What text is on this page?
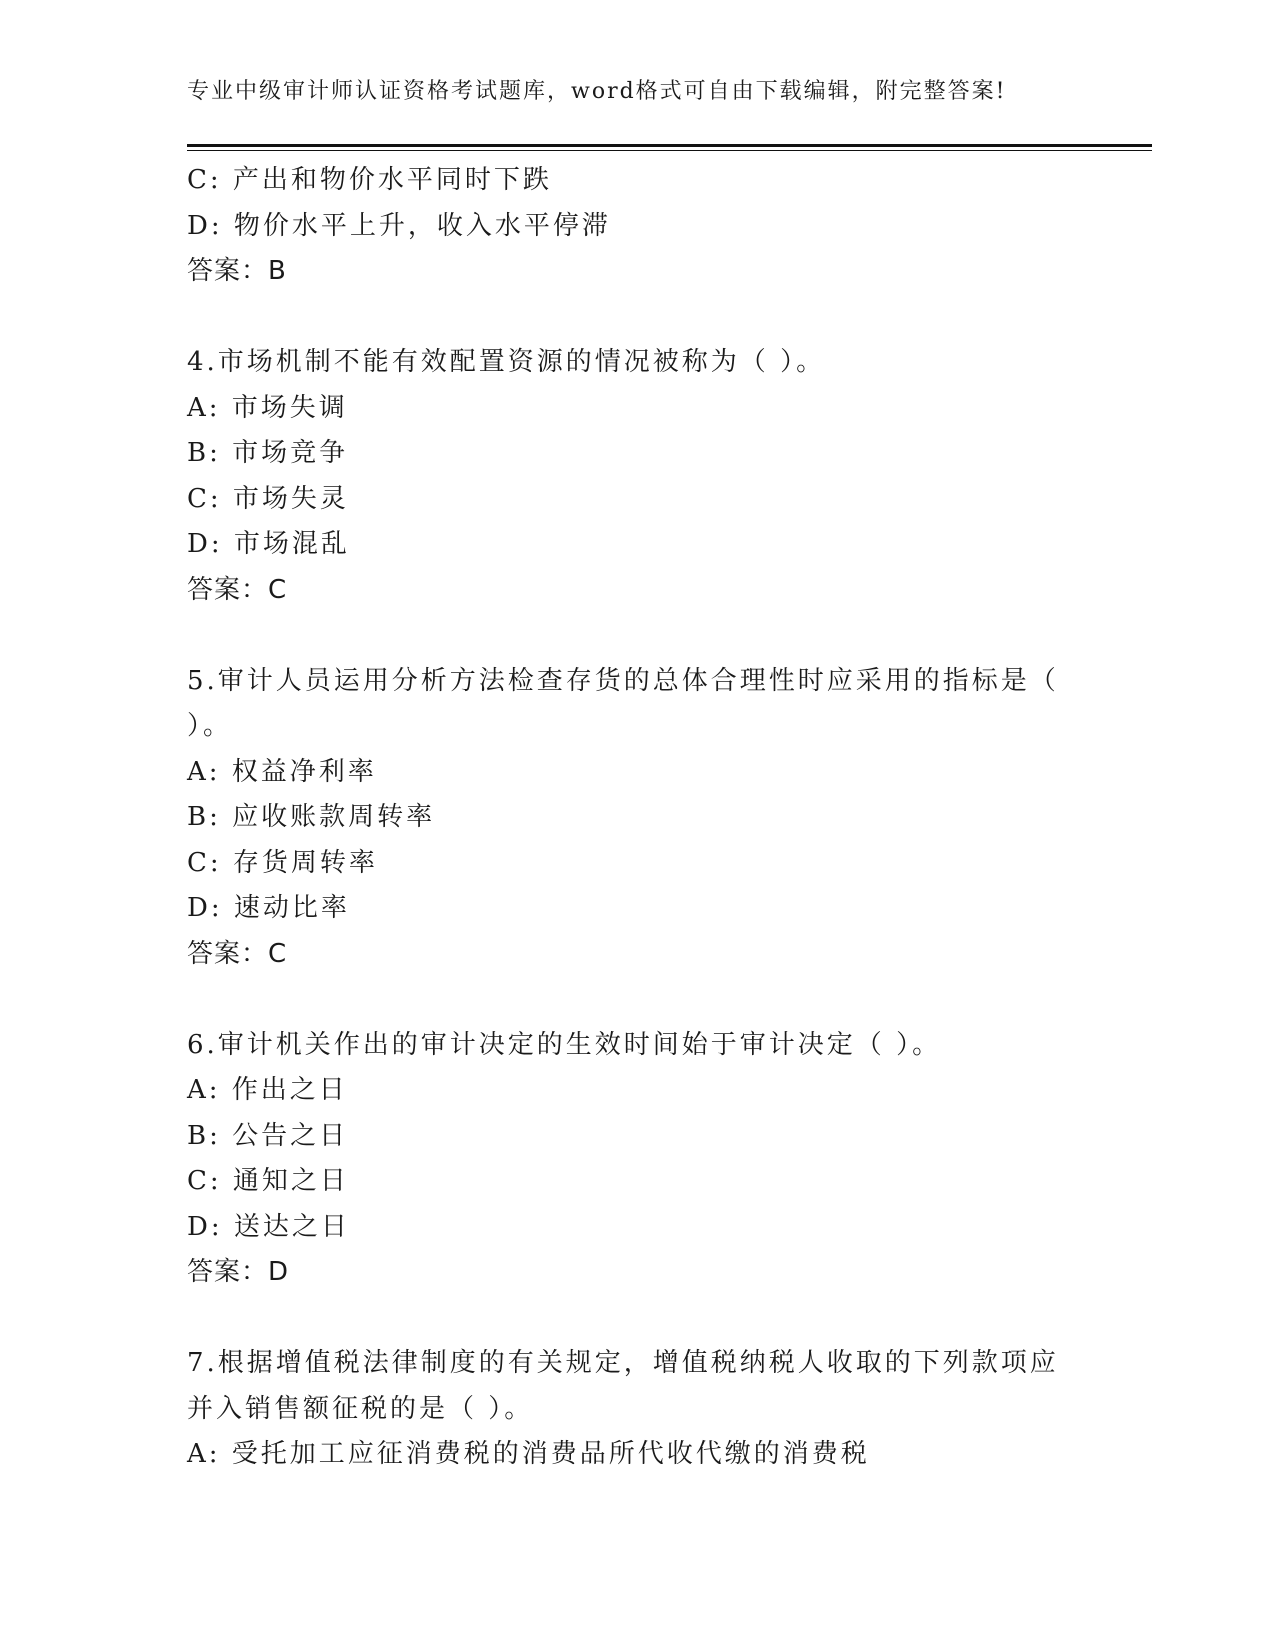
专业中级审计师认证资格考试题库，word格式可自由下载编辑，附完整答案!
C: 产出和物价水平同时下跌
D: 物价水平上升，收入水平停滞
答案：B
4.市场机制不能有效配置资源的情况被称为（ ）。
A: 市场失调
B: 市场竞争
C: 市场失灵
D: 市场混乱
答案：C
5.审计人员运用分析方法检查存货的总体合理性时应采用的指标是（
）。
A: 权益净利率
B: 应收账款周转率
C: 存货周转率
D: 速动比率
答案：C
6.审计机关作出的审计决定的生效时间始于审计决定（ ）。
A: 作出之日
B: 公告之日
C: 通知之日
D: 送达之日
答案：D
7.根据增值税法律制度的有关规定，增值税纳税人收取的下列款项应
并入销售额征税的是（ ）。
A: 受托加工应征消费税的消费品所代收代缴的消费税
